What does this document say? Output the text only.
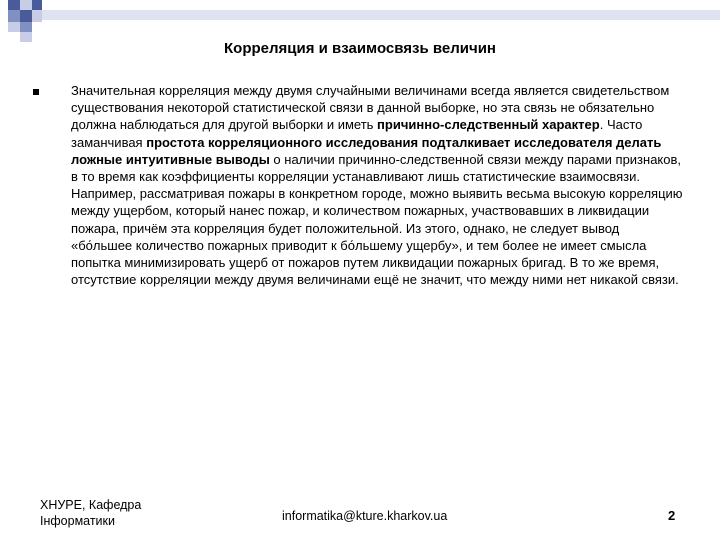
Корреляция и взаимосвязь величин
Значительная корреляция между двумя случайными величинами всегда является свидетельством существования некоторой статистической связи в данной выборке, но эта связь не обязательно должна наблюдаться для другой выборки и иметь причинно-следственный характер. Часто заманчивая простота корреляционного исследования подталкивает исследователя делать ложные интуитивные выводы о наличии причинно-следственной связи между парами признаков, в то время как коэффициенты корреляции устанавливают лишь статистические взаимосвязи. Например, рассматривая пожары в конкретном городе, можно выявить весьма высокую корреляцию между ущербом, который нанес пожар, и количеством пожарных, участвовавших в ликвидации пожара, причём эта корреляция будет положительной. Из этого, однако, не следует вывод «бо́льшее количество пожарных приводит к бо́льшему ущербу», и тем более не имеет смысла попытка минимизировать ущерб от пожаров путем ликвидации пожарных бригад. В то же время, отсутствие корреляции между двумя величинами ещё не значит, что между ними нет никакой связи.
ХНУРЕ, Кафедра
Інформатики	informatika@kture.kharkov.ua	2
